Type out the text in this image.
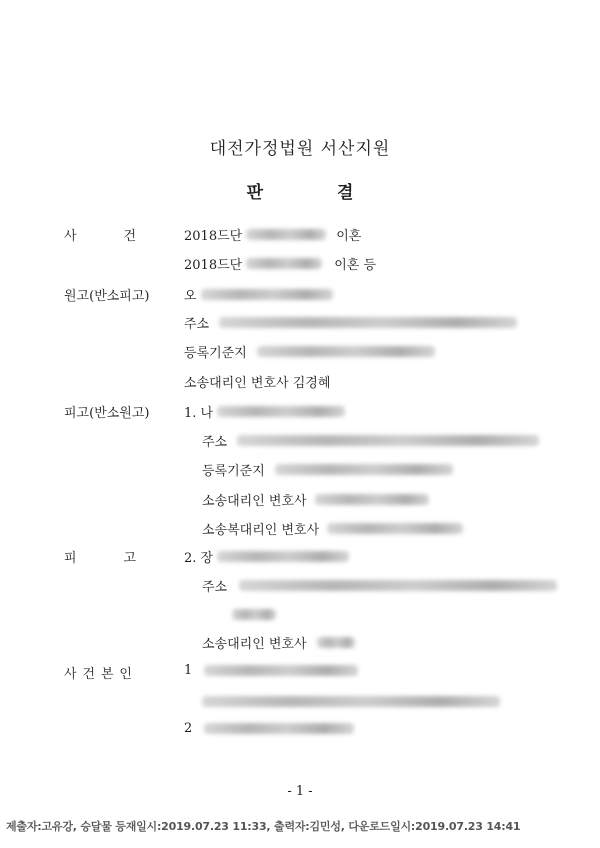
대전가정법원 서산지원
판	결
사	건	2018드단	이혼
2018드단	이혼 등
원고(반소피고)	오
주소
등록기준지
소송대리인 변호사 김경혜
피고(반소원고)	1. 나
주소
등록기준지
소송대리인 변호사
소송복대리인 변호사
피	고	2. 장
주소
소송대리인 변호사
사 건 본 인	1
2
- 1 -
제출자:고유강, 승달물 등재일시:2019.07.23 11:33, 출력자:김민성, 다운로드일시:2019.07.23 14:41
